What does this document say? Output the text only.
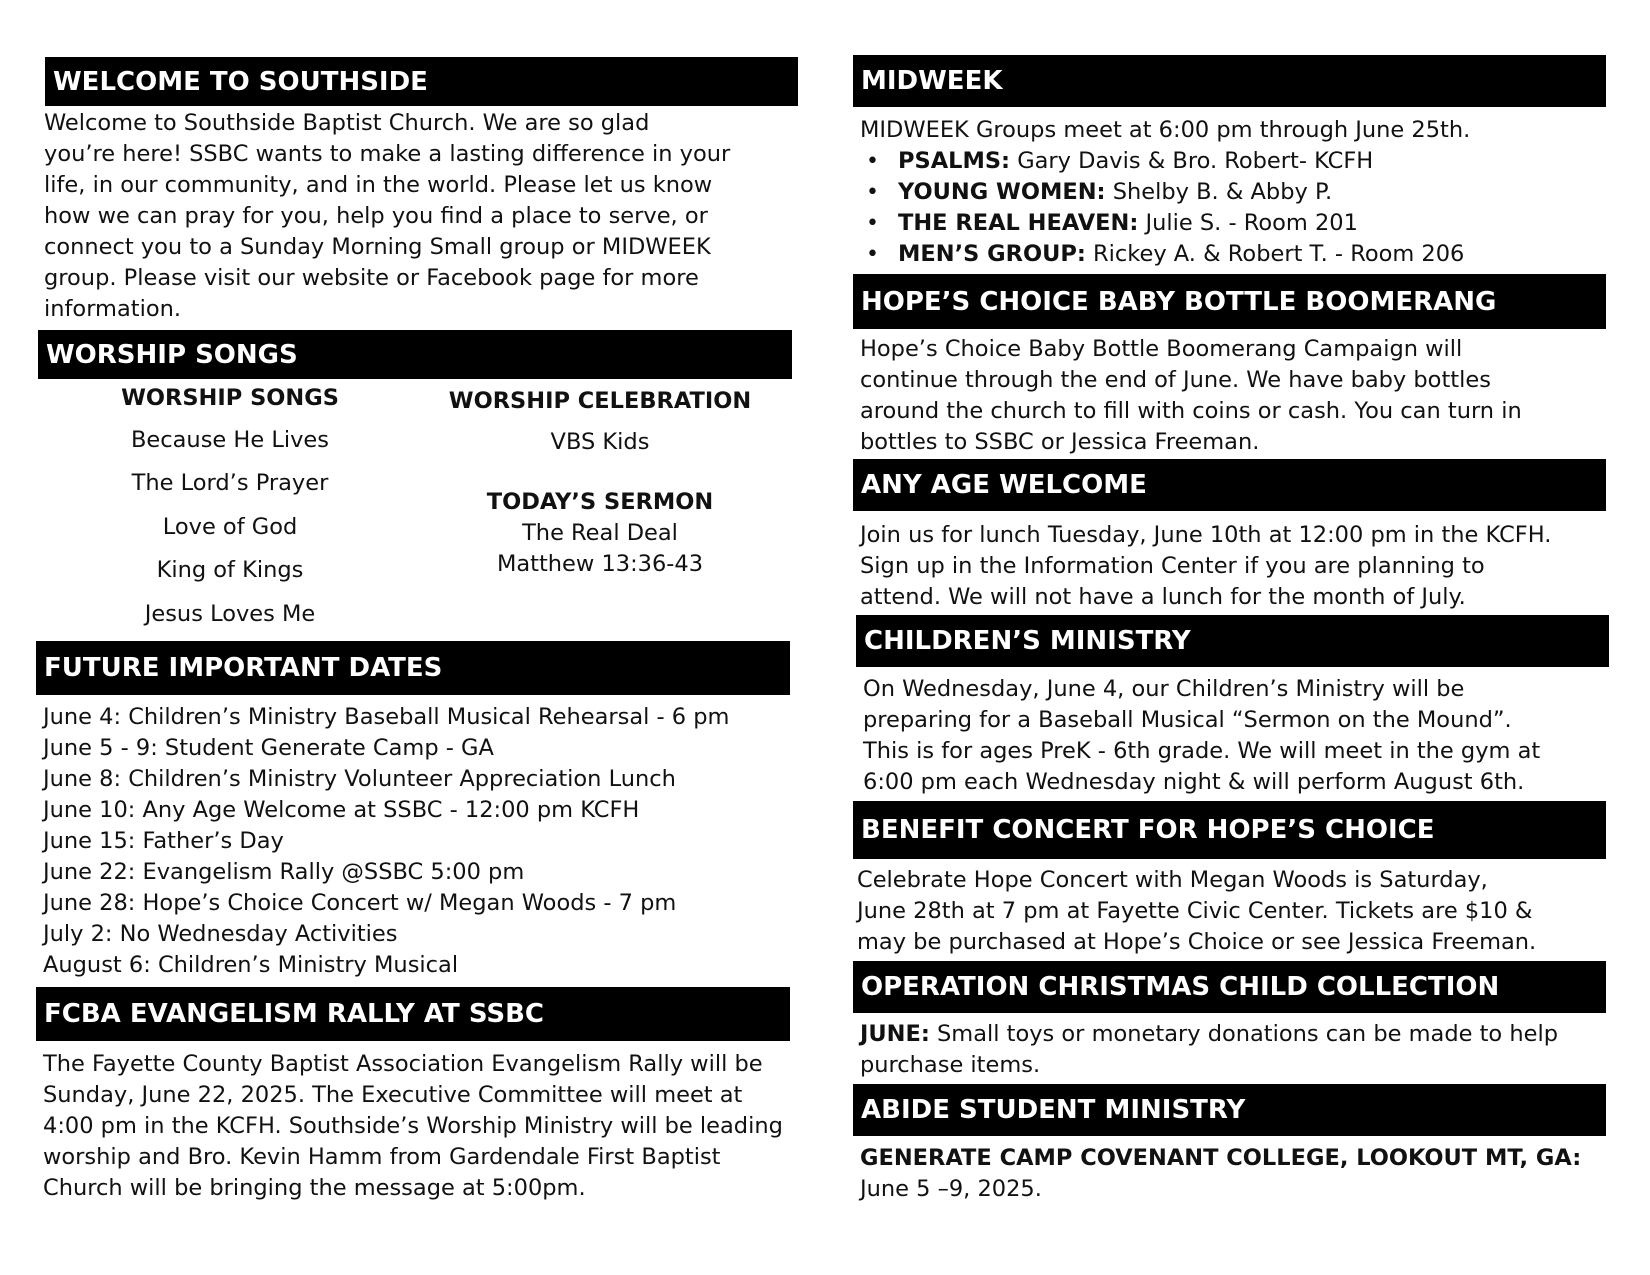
WELCOME TO SOUTHSIDE
Welcome to Southside Baptist Church. We are so glad
you’re here! SSBC wants to make a lasting difference in your
life, in our community, and in the world. Please let us know
how we can pray for you, help you find a place to serve, or
connect you to a Sunday Morning Small group or MIDWEEK
group. Please visit our website or Facebook page for more
information.
WORSHIP SONGS
WORSHIP SONGS
Because He Lives
The Lord’s Prayer
Love of God
King of Kings
Jesus Loves Me
WORSHIP CELEBRATION
VBS Kids
TODAY’S SERMON
The Real Deal
Matthew 13:36-43
FUTURE IMPORTANT DATES
June 4: Children’s Ministry Baseball Musical Rehearsal - 6 pm
June 5 - 9: Student Generate Camp - GA
June 8: Children’s Ministry Volunteer Appreciation Lunch
June 10: Any Age Welcome at SSBC - 12:00 pm KCFH
June 15: Father’s Day
June 22: Evangelism Rally @SSBC 5:00 pm
June 28: Hope’s Choice Concert w/ Megan Woods - 7 pm
July 2: No Wednesday Activities
August 6: Children’s Ministry Musical
FCBA EVANGELISM RALLY AT SSBC
The Fayette County Baptist Association Evangelism Rally will be
Sunday, June 22, 2025. The Executive Committee will meet at
4:00 pm in the KCFH. Southside’s Worship Ministry will be leading
worship and Bro. Kevin Hamm from Gardendale First Baptist
Church will be bringing the message at 5:00pm.
MIDWEEK
MIDWEEK Groups meet at 6:00 pm through June 25th.
• PSALMS: Gary Davis & Bro. Robert- KCFH
• YOUNG WOMEN: Shelby B. & Abby P.
• THE REAL HEAVEN: Julie S. - Room 201
• MEN’S GROUP: Rickey A. & Robert T. - Room 206
HOPE’S CHOICE BABY BOTTLE BOOMERANG
Hope’s Choice Baby Bottle Boomerang Campaign will
continue through the end of June. We have baby bottles
around the church to fill with coins or cash. You can turn in
bottles to SSBC or Jessica Freeman.
ANY AGE WELCOME
Join us for lunch Tuesday, June 10th at 12:00 pm in the KCFH.
Sign up in the Information Center if you are planning to
attend. We will not have a lunch for the month of July.
CHILDREN’S MINISTRY
On Wednesday, June 4, our Children’s Ministry will be
preparing for a Baseball Musical “Sermon on the Mound”.
This is for ages PreK - 6th grade. We will meet in the gym at
6:00 pm each Wednesday night & will perform August 6th.
BENEFIT CONCERT FOR HOPE’S CHOICE
Celebrate Hope Concert with Megan Woods is Saturday,
June 28th at 7 pm at Fayette Civic Center. Tickets are $10 &
may be purchased at Hope’s Choice or see Jessica Freeman.
OPERATION CHRISTMAS CHILD COLLECTION
JUNE: Small toys or monetary donations can be made to help
purchase items.
ABIDE STUDENT MINISTRY
GENERATE CAMP COVENANT COLLEGE, LOOKOUT MT, GA:
June 5 –9, 2025.
